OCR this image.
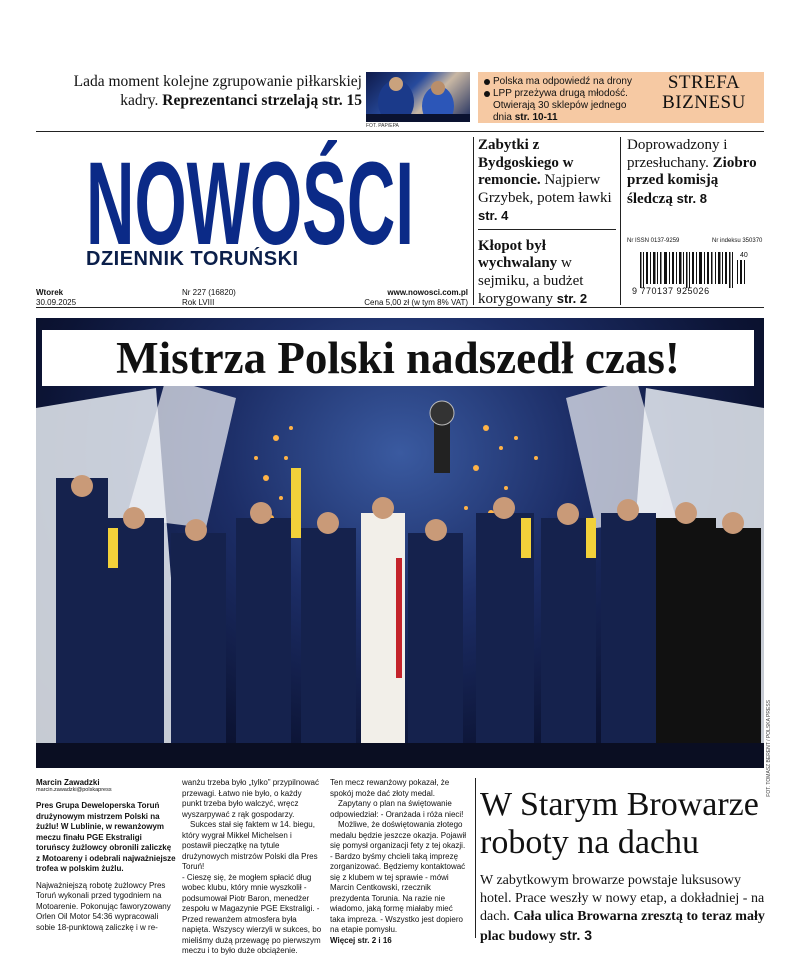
Lada moment kolejne zgrupowanie piłkarskiej kadry. Reprezentanci strzelają str. 15
FOT. PAP/EPA
Polska ma odpowiedź na drony
LPP przeżywa drugą młodość. Otwierają 30 sklepów jednego dnia str. 10-11
STREFA
BIZNESU
NOWOŚCI
DZIENNIK TORUŃSKI
Wtorek
30.09.2025
Nr 227 (16820)
Rok LVIII
www.nowosci.com.pl
Cena 5,00 zł (w tym 8% VAT)
Zabytki z Bydgoskiego w remoncie. Najpierw Grzybek, potem ławki str. 4
Kłopot był wychwalany w sejmiku, a budżet korygowany str. 2
Doprowadzony i przesłuchany. Ziobro przed komisją śledczą str. 8
Nr ISSN 0137-9259	Nr indeksu 350370
9 770137 925026
40
Mistrza Polski nadszedł czas!
FOT. TOMASZ BERENT / POLSKA PRESS
Marcin Zawadzki
marcin.zawadzki@polskapress
Pres Grupa Deweloperska Toruń drużynowym mistrzem Polski na żużlu! W Lublinie, w rewanżowym meczu finału PGE Ekstraligi toruńscy żużlowcy obronili zaliczkę z Motoarenу i odebrali najważniejsze trofea w polskim żużlu.
Najważniejszą robotę żużlowcy Pres Toruń wykonali przed tygodniem na Motoarenie. Pokonując faworyzowany Orlen Oil Motor 54:36 wypracowali sobie 18-punktową zaliczkę i w re-
wanżu trzeba było „tylko” przypilnować przewagi. Łatwo nie było, o każdy punkt trzeba było walczyć, wręcz wyszarpywać z rąk gospodarzy.
Sukces stał się faktem w 14. biegu, który wygrał Mikkel Michelsen i postawił pieczątkę na tytule drużynowych mistrzów Polski dla Pres Toruń!
- Cieszę się, że mogłem spłacić dług wobec klubu, który mnie wyszkolił - podsumował Piotr Baron, menedżer zespołu w Magazynie PGE Ekstraligi. - Przed rewanżem atmosfera była napięta. Wszyscy wierzyli w sukces, bo mieliśmy dużą przewagę po pierwszym meczu i to było duże obciążenie.
Ten mecz rewanżowy pokazał, że spokój może dać złoty medal.
Zapytany o plan na świętowanie odpowiedział: - Oranżada i róża niecі!
Możliwe, że doświętowania złotego medalu będzie jeszcze okazja. Pojawił się pomysł organizacji fety z tej okazji.
- Bardzo byśmy chcieli taką imprezę zorganizować. Będziemy kontaktować się z klubem w tej sprawie - mówi Marcin Centkowski, rzecznik prezydenta Torunia. Na razie nie wiadomo, jaką formę miałaby mieć taka impreza. - Wszystko jest dopiero na etapie pomysłu.
Więcej str. 2 i 16
W Starym Browarze roboty na dachu
W zabytkowym browarze powstaje luksusowy hotel. Prace weszły w nowy etap, a dokładniej - na dach. Cała ulica Browarna zresztą to teraz mały plac budowy str. 3
